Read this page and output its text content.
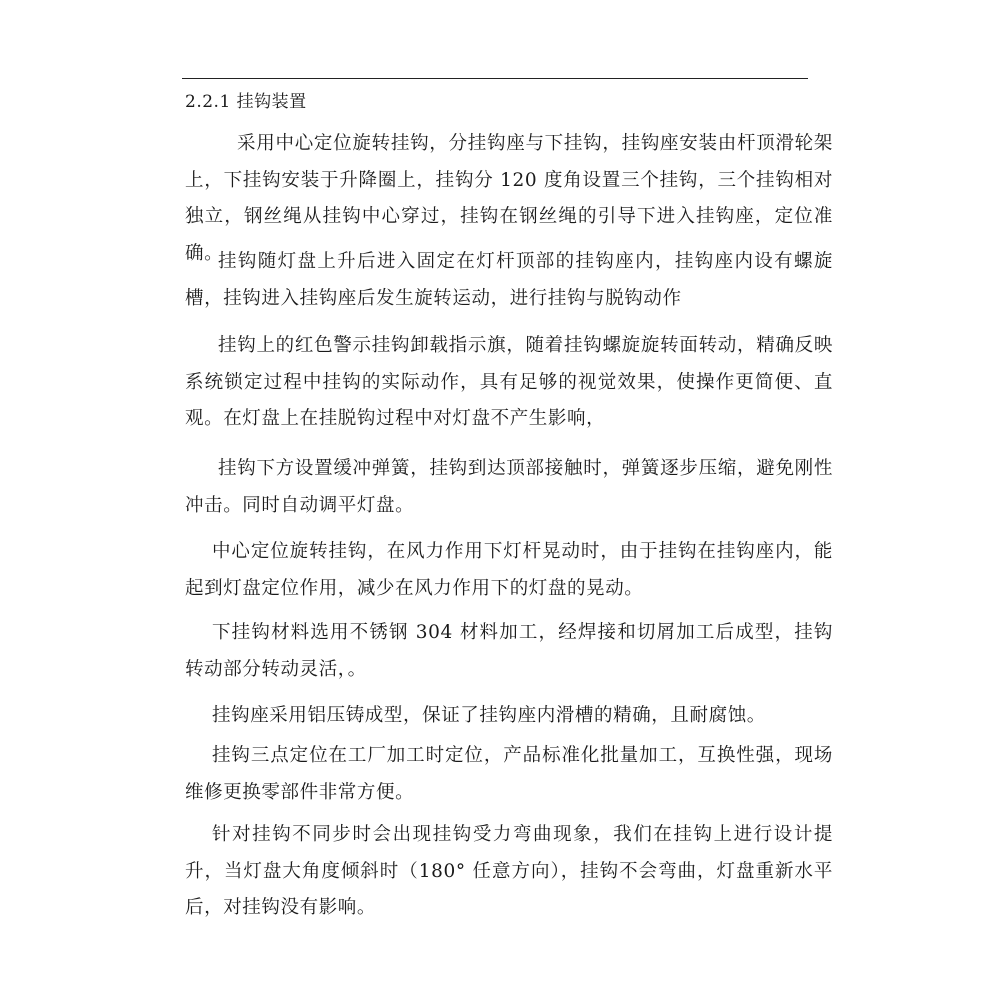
2.2.1 挂钩装置

采用中心定位旋转挂钩，分挂钩座与下挂钩，挂钩座安装由杆顶滑轮架上，下挂钩安装于升降圈上，挂钩分 120 度角设置三个挂钩，三个挂钩相对独立，钢丝绳从挂钩中心穿过，挂钩在钢丝绳的引导下进入挂钩座，定位准确。

挂钩随灯盘上升后进入固定在灯杆顶部的挂钩座内，挂钩座内设有螺旋槽，挂钩进入挂钩座后发生旋转运动，进行挂钩与脱钩动作

挂钩上的红色警示挂钩卸载指示旗，随着挂钩螺旋旋转面转动，精确反映系统锁定过程中挂钩的实际动作，具有足够的视觉效果，使操作更简便、直观。在灯盘上在挂脱钩过程中对灯盘不产生影响，

挂钩下方设置缓冲弹簧，挂钩到达顶部接触时，弹簧逐步压缩，避免刚性冲击。同时自动调平灯盘。

中心定位旋转挂钩，在风力作用下灯杆晃动时，由于挂钩在挂钩座内，能起到灯盘定位作用，减少在风力作用下的灯盘的晃动。

下挂钩材料选用不锈钢 304 材料加工，经焊接和切屑加工后成型，挂钩转动部分转动灵活，。

挂钩座采用铝压铸成型，保证了挂钩座内滑槽的精确，且耐腐蚀。

挂钩三点定位在工厂加工时定位，产品标准化批量加工，互换性强，现场维修更换零部件非常方便。

针对挂钩不同步时会出现挂钩受力弯曲现象，我们在挂钩上进行设计提升，当灯盘大角度倾斜时（180° 任意方向），挂钩不会弯曲，灯盘重新水平后，对挂钩没有影响。
